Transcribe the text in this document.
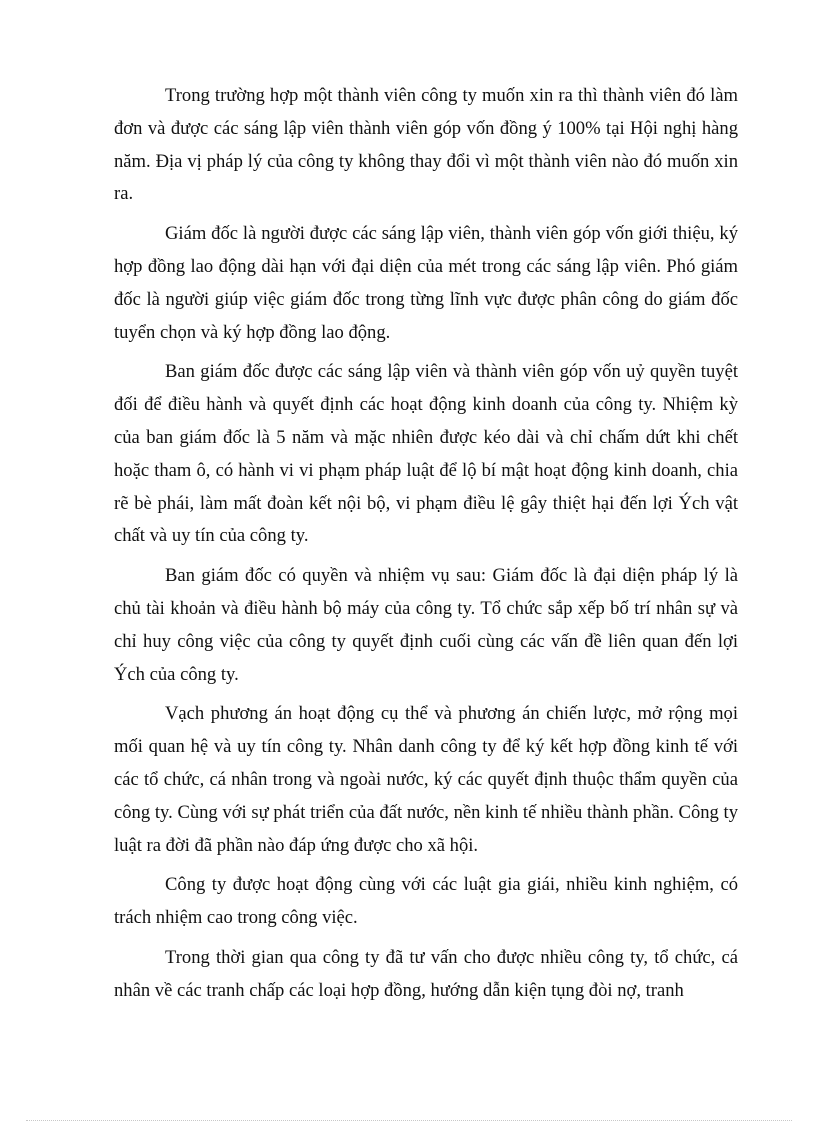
Trong trường hợp một thành viên công ty muốn xin ra thì thành viên đó làm đơn và được các sáng lập viên thành viên góp vốn đồng ý 100% tại Hội nghị hàng năm. Địa vị pháp lý của công ty không thay đổi vì một thành viên nào đó muốn xin ra.

Giám đốc là người được các sáng lập viên, thành viên góp vốn giới thiệu, ký hợp đồng lao động dài hạn với đại diện của mét trong các sáng lập viên. Phó giám đốc là người giúp việc giám đốc trong từng lĩnh vực được phân công do giám đốc tuyển chọn và ký hợp đồng lao động.

Ban giám đốc được các sáng lập viên và thành viên góp vốn uỷ quyền tuyệt đối để điều hành và quyết định các hoạt động kinh doanh của công ty. Nhiệm kỳ của ban giám đốc là 5 năm và mặc nhiên được kéo dài và chỉ chấm dứt khi chết hoặc tham ô, có hành vi vi phạm pháp luật để lộ bí mật hoạt động kinh doanh, chia rẽ bè phái, làm mất đoàn kết nội bộ, vi phạm điều lệ gây thiệt hại đến lợi Ých vật chất và uy tín của công ty.

Ban giám đốc có quyền và nhiệm vụ sau: Giám đốc là đại diện pháp lý là chủ tài khoản và điều hành bộ máy của công ty. Tổ chức sắp xếp bố trí nhân sự và chỉ huy công việc của công ty quyết định cuối cùng các vấn đề liên quan đến lợi Ých của công ty.

Vạch phương án hoạt động cụ thể và phương án chiến lược, mở rộng mọi mối quan hệ và uy tín công ty. Nhân danh công ty để ký kết hợp đồng kinh tế với các tổ chức, cá nhân trong và ngoài nước, ký các quyết định thuộc thẩm quyền của công ty. Cùng với sự phát triển của đất nước, nền kinh tế nhiều thành phần. Công ty luật ra đời đã phần nào đáp ứng được cho xã hội.

Công ty được hoạt động cùng với các luật gia giái, nhiều kinh nghiệm, có trách nhiệm cao trong công việc.

Trong thời gian qua công ty đã tư vấn cho được nhiều công ty, tổ chức, cá nhân về các tranh chấp các loại hợp đồng, hướng dẫn kiện tụng đòi nợ, tranh
